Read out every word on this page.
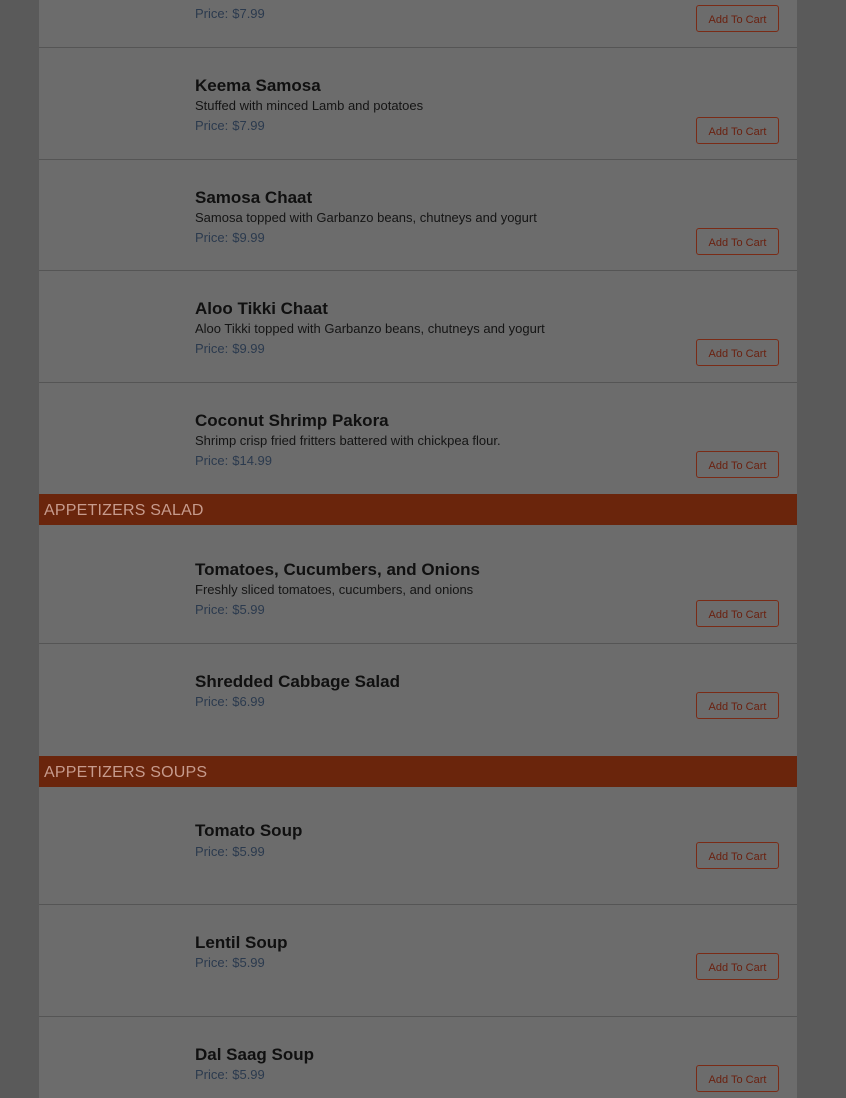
Price: $7.99	Add To Cart
Keema Samosa
Stuffed with minced Lamb and potatoes
Price: $7.99	Add To Cart
Samosa Chaat
Samosa topped with Garbanzo beans, chutneys and yogurt
Price: $9.99	Add To Cart
Aloo Tikki Chaat
Aloo Tikki topped with Garbanzo beans, chutneys and yogurt
Price: $9.99	Add To Cart
Coconut Shrimp Pakora
Shrimp crisp fried fritters battered with chickpea flour.
Price: $14.99	Add To Cart
APPETIZERS SALAD
Tomatoes, Cucumbers, and Onions
Freshly sliced tomatoes, cucumbers, and onions
Price: $5.99	Add To Cart
Shredded Cabbage Salad
Price: $6.99	Add To Cart
APPETIZERS SOUPS
Tomato Soup
Price: $5.99	Add To Cart
Lentil Soup
Price: $5.99	Add To Cart
Dal Saag Soup
Price: $5.99	Add To Cart
